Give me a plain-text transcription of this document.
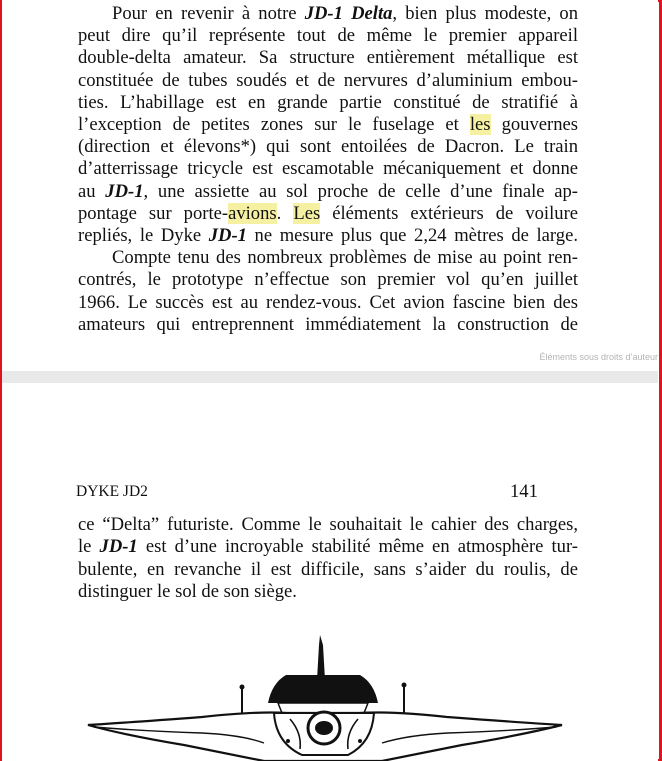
Pour en revenir à notre JD-1 Delta, bien plus modeste, on
peut dire qu’il représente tout de même le premier appareil
double-delta amateur. Sa structure entièrement métallique est
constituée de tubes soudés et de nervures d’aluminium embou-
ties. L’habillage est en grande partie constitué de stratifié à
l’exception de petites zones sur le fuselage et les gouvernes
(direction et élevons*) qui sont entoilées de Dacron. Le train
d’atterrissage tricycle est escamotable mécaniquement et donne
au JD-1, une assiette au sol proche de celle d’une finale ap-
pontage sur porte-avions. Les éléments extérieurs de voilure
repliés, le Dyke JD-1 ne mesure plus que 2,24 mètres de large.
Compte tenu des nombreux problèmes de mise au point ren-
contrés, le prototype n’effectue son premier vol qu’en juillet
1966. Le succès est au rendez-vous. Cet avion fascine bien des
amateurs qui entreprennent immédiatement la construction de
Éléments sous droits d’auteur
DYKE JD2	141
ce “Delta” futuriste. Comme le souhaitait le cahier des charges,
le JD-1 est d’une incroyable stabilité même en atmosphère tur-
bulente, en revanche il est difficile, sans s’aider du roulis, de
distinguer le sol de son siège.
